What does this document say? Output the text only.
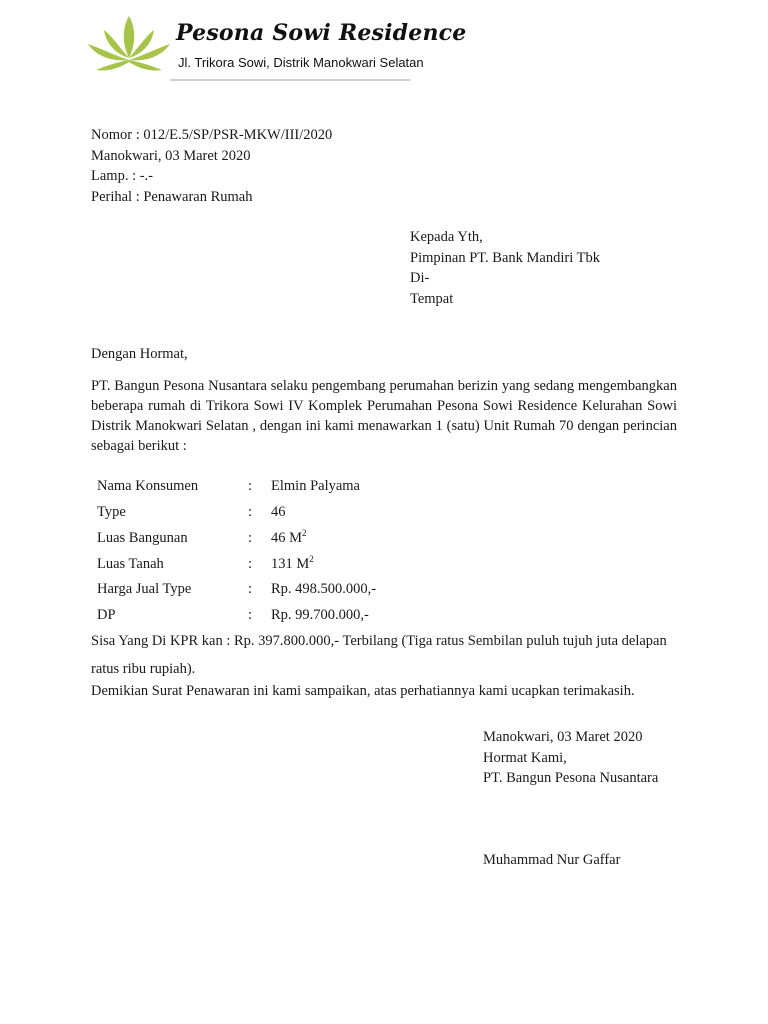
Pesona Sowi Residence
Jl. Trikora Sowi, Distrik Manokwari Selatan
Nomor : 012/E.5/SP/PSR-MKW/III/2020
Manokwari, 03 Maret 2020
Lamp. : -.-
Perihal : Penawaran Rumah
Kepada Yth,
Pimpinan PT. Bank Mandiri Tbk
Di-
Tempat
Dengan Hormat,
PT. Bangun Pesona Nusantara selaku pengembang perumahan berizin yang sedang mengembangkan beberapa rumah di Trikora Sowi IV Komplek Perumahan Pesona Sowi Residence Kelurahan Sowi Distrik Manokwari Selatan , dengan ini kami menawarkan 1 (satu) Unit Rumah 70 dengan perincian sebagai berikut :
Nama Konsumen	: Elmin Palyama
Type	: 46
Luas Bangunan	: 46 $M^2$
Luas Tanah	: 131 $M^2$
Harga Jual Type	: Rp. 498.500.000,-
DP	: Rp. 99.700.000,-
Sisa Yang Di KPR kan : Rp. 397.800.000,- Terbilang (Tiga ratus Sembilan puluh tujuh juta delapan ratus ribu rupiah).
Demikian Surat Penawaran ini kami sampaikan, atas perhatiannya kami ucapkan terimakasih.
Manokwari, 03 Maret 2020
Hormat Kami,
PT. Bangun Pesona Nusantara
Muhammad Nur Gaffar
